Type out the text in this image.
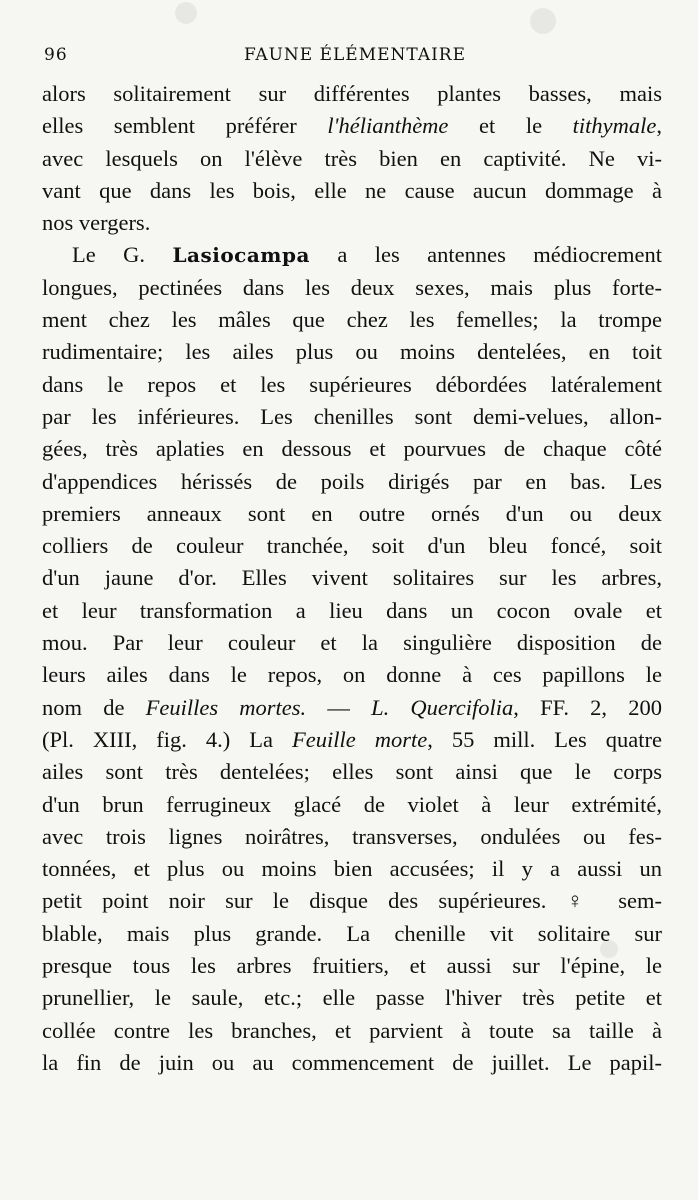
96	FAUNE ÉLÉMENTAIRE
alors solitairement sur différentes plantes basses, mais
elles semblent préférer l'hélianthème et le tithymale,
avec lesquels on l'élève très bien en captivité. Ne vi-
vant que dans les bois, elle ne cause aucun dommage à
nos vergers.
Le G. Lasiocampa a les antennes médiocrement
longues, pectinées dans les deux sexes, mais plus forte-
ment chez les mâles que chez les femelles; la trompe
rudimentaire; les ailes plus ou moins dentelées, en toit
dans le repos et les supérieures débordées latéralement
par les inférieures. Les chenilles sont demi-velues, allon-
gées, très aplaties en dessous et pourvues de chaque côté
d'appendices hérissés de poils dirigés par en bas. Les
premiers anneaux sont en outre ornés d'un ou deux
colliers de couleur tranchée, soit d'un bleu foncé, soit
d'un jaune d'or. Elles vivent solitaires sur les arbres,
et leur transformation a lieu dans un cocon ovale et
mou. Par leur couleur et la singulière disposition de
leurs ailes dans le repos, on donne à ces papillons le
nom de Feuilles mortes. — L. Quercifolia, FF. 2, 200
(Pl. XIII, fig. 4.) La Feuille morte, 55 mill. Les quatre
ailes sont très dentelées; elles sont ainsi que le corps
d'un brun ferrugineux glacé de violet à leur extrémité,
avec trois lignes noirâtres, transverses, ondulées ou fes-
tonnées, et plus ou moins bien accusées; il y a aussi un
petit point noir sur le disque des supérieures. ♀ sem-
blable, mais plus grande. La chenille vit solitaire sur
presque tous les arbres fruitiers, et aussi sur l'épine, le
prunellier, le saule, etc.; elle passe l'hiver très petite et
collée contre les branches, et parvient à toute sa taille à
la fin de juin ou au commencement de juillet. Le papil-
